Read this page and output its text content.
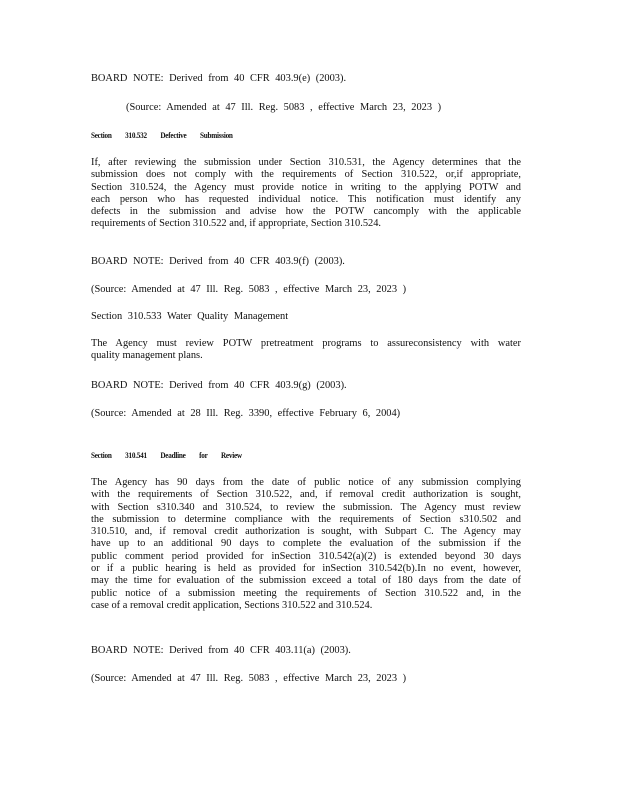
BOARD NOTE: Derived from 40 CFR 403.9(e) (2003).

(Source: Amended at 47 Ill. Reg. 5083 , effective March 23, 2023 )

Section 310.532 Defective Submission

If, after reviewing the submission under Section 310.531, the Agency determines that the
submission does not comply with the requirements of Section 310.522, or,if appropriate,
Section 310.524, the Agency must provide notice in writing to the applying POTW and
each person who has requested individual notice. This notification must identify any
defects in the submission and advise how the POTW cancomply with the applicable
requirements of Section 310.522 and, if appropriate, Section 310.524.

BOARD NOTE: Derived from 40 CFR 403.9(f) (2003).

(Source: Amended at 47 Ill. Reg. 5083 , effective March 23, 2023 )

Section 310.533 Water Quality Management

The Agency must review POTW pretreatment programs to assureconsistency with water
quality management plans.

BOARD NOTE: Derived from 40 CFR 403.9(g) (2003).

(Source: Amended at 28 Ill. Reg. 3390, effective February 6, 2004)

Section 310.541 Deadline for Review

The Agency has 90 days from the date of public notice of any submission complying
with the requirements of Section 310.522, and, if removal credit authorization is sought,
with Section s310.340 and 310.524, to review the submission. The Agency must review
the submission to determine compliance with the requirements of Section s310.502 and
310.510, and, if removal credit authorization is sought, with Subpart C. The Agency may
have up to an additional 90 days to complete the evaluation of the submission if the
public comment period provided for inSection 310.542(a)(2) is extended beyond 30 days
or if a public hearing is held as provided for inSection 310.542(b).In no event, however,
may the time for evaluation of the submission exceed a total of 180 days from the date of
public notice of a submission meeting the requirements of Section 310.522 and, in the
case of a removal credit application, Sections 310.522 and 310.524.

BOARD NOTE: Derived from 40 CFR 403.11(a) (2003).

(Source: Amended at 47 Ill. Reg. 5083 , effective March 23, 2023 )
